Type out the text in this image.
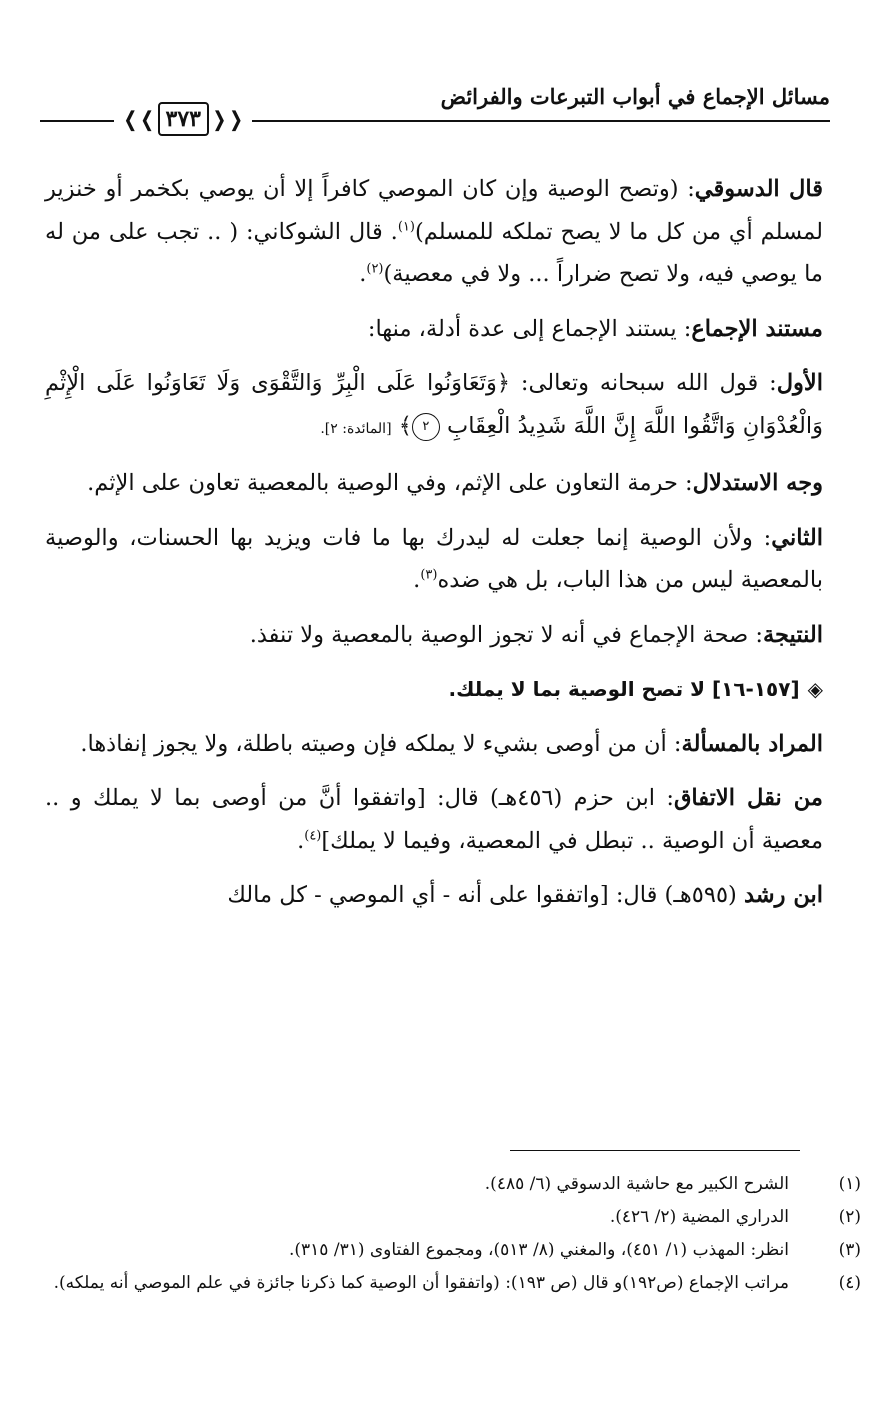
مسائل الإجماع في أبواب التبرعات والفرائض
❬❬ ٣٧٣ ❭❭

قال الدسوقي: (وتصح الوصية وإن كان الموصي كافراً إلا أن يوصي بكخمر أو خنزير لمسلم أي من كل ما لا يصح تملكه للمسلم)$^{(١)}$. قال الشوكاني: ( .. تجب على من له ما يوصي فيه، ولا تصح ضراراً ... ولا في معصية)$^{(٢)}$.

مستند الإجماع: يستند الإجماع إلى عدة أدلة، منها:

الأول: قول الله سبحانه وتعالى: ﴿وَتَعَاوَنُوا عَلَى الْبِرِّ وَالتَّقْوَى وَلَا تَعَاوَنُوا عَلَى الْإِثْمِ وَالْعُدْوَانِ وَاتَّقُوا اللَّهَ إِنَّ اللَّهَ شَدِيدُ الْعِقَابِ ٢﴾ [المائدة: ٢].

وجه الاستدلال: حرمة التعاون على الإثم، وفي الوصية بالمعصية تعاون على الإثم.

الثاني: ولأن الوصية إنما جعلت له ليدرك بها ما فات ويزيد بها الحسنات، والوصية بالمعصية ليس من هذا الباب، بل هي ضده$^{(٣)}$.

النتيجة: صحة الإجماع في أنه لا تجوز الوصية بالمعصية ولا تنفذ.

◈[١٥٧-١٦] لا تصح الوصية بما لا يملك.

المراد بالمسألة: أن من أوصى بشيء لا يملكه فإن وصيته باطلة، ولا يجوز إنفاذها.

من نقل الاتفاق: ابن حزم (٤٥٦هـ) قال: [واتفقوا أنَّ من أوصى بما لا يملك و .. معصية أن الوصية .. تبطل في المعصية، وفيما لا يملك]$^{(٤)}$.

ابن رشد (٥٩٥هـ) قال: [واتفقوا على أنه - أي الموصي - كل مالك

(١)الشرح الكبير مع حاشية الدسوقي (٦/ ٤٨٥).

(٢)الدراري المضية (٢/ ٤٢٦).

(٣)انظر: المهذب (١/ ٤٥١)، والمغني (٨/ ٥١٣)، ومجموع الفتاوى (٣١/ ٣١٥).

(٤)مراتب الإجماع (ص١٩٢)و قال (ص ١٩٣): (واتفقوا أن الوصية كما ذكرنا جائزة في علم الموصي أنه يملكه).
